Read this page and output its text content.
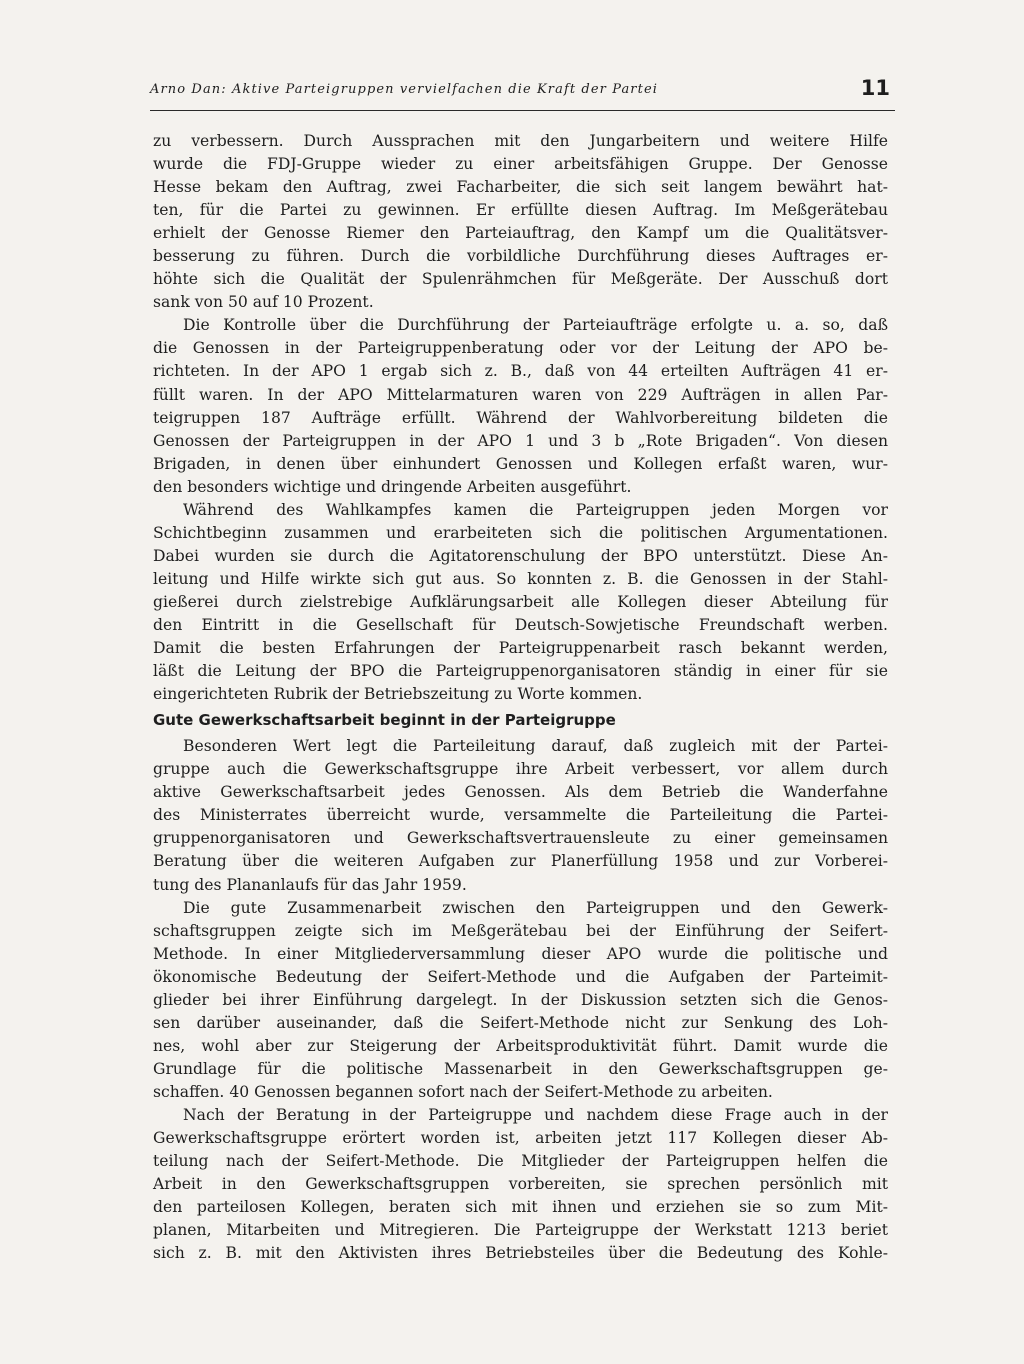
Arno Dan: Aktive Parteigruppen vervielfachen die Kraft der Partei	11
zu verbessern. Durch Aussprachen mit den Jungarbeitern und weitere Hilfe
wurde die FDJ-Gruppe wieder zu einer arbeitsfähigen Gruppe. Der Genosse
Hesse bekam den Auftrag, zwei Facharbeiter, die sich seit langem bewährt hat-
ten, für die Partei zu gewinnen. Er erfüllte diesen Auftrag. Im Meßgerätebau
erhielt der Genosse Riemer den Parteiauftrag, den Kampf um die Qualitätsver-
besserung zu führen. Durch die vorbildliche Durchführung dieses Auftrages er-
höhte sich die Qualität der Spulenrähmchen für Meßgeräte. Der Ausschuß dort
sank von 50 auf 10 Prozent.
Die Kontrolle über die Durchführung der Parteiaufträge erfolgte u. a. so, daß
die Genossen in der Parteigruppenberatung oder vor der Leitung der APO be-
richteten. In der APO 1 ergab sich z. B., daß von 44 erteilten Aufträgen 41 er-
füllt waren. In der APO Mittelarmaturen waren von 229 Aufträgen in allen Par-
teigruppen 187 Aufträge erfüllt. Während der Wahlvorbereitung bildeten die
Genossen der Parteigruppen in der APO 1 und 3 b „Rote Brigaden“. Von diesen
Brigaden, in denen über einhundert Genossen und Kollegen erfaßt waren, wur-
den besonders wichtige und dringende Arbeiten ausgeführt.
Während des Wahlkampfes kamen die Parteigruppen jeden Morgen vor
Schichtbeginn zusammen und erarbeiteten sich die politischen Argumentationen.
Dabei wurden sie durch die Agitatorenschulung der BPO unterstützt. Diese An-
leitung und Hilfe wirkte sich gut aus. So konnten z. B. die Genossen in der Stahl-
gießerei durch zielstrebige Aufklärungsarbeit alle Kollegen dieser Abteilung für
den Eintritt in die Gesellschaft für Deutsch-Sowjetische Freundschaft werben.
Damit die besten Erfahrungen der Parteigruppenarbeit rasch bekannt werden,
läßt die Leitung der BPO die Parteigruppenorganisatoren ständig in einer für sie
eingerichteten Rubrik der Betriebszeitung zu Worte kommen.
Gute Gewerkschaftsarbeit beginnt in der Parteigruppe
Besonderen Wert legt die Parteileitung darauf, daß zugleich mit der Partei-
gruppe auch die Gewerkschaftsgruppe ihre Arbeit verbessert, vor allem durch
aktive Gewerkschaftsarbeit jedes Genossen. Als dem Betrieb die Wanderfahne
des Ministerrates überreicht wurde, versammelte die Parteileitung die Partei-
gruppenorganisatoren und Gewerkschaftsvertrauensleute zu einer gemeinsamen
Beratung über die weiteren Aufgaben zur Planerfüllung 1958 und zur Vorberei-
tung des Plananlaufs für das Jahr 1959.
Die gute Zusammenarbeit zwischen den Parteigruppen und den Gewerk-
schaftsgruppen zeigte sich im Meßgerätebau bei der Einführung der Seifert-
Methode. In einer Mitgliederversammlung dieser APO wurde die politische und
ökonomische Bedeutung der Seifert-Methode und die Aufgaben der Parteimit-
glieder bei ihrer Einführung dargelegt. In der Diskussion setzten sich die Genos-
sen darüber auseinander, daß die Seifert-Methode nicht zur Senkung des Loh-
nes, wohl aber zur Steigerung der Arbeitsproduktivität führt. Damit wurde die
Grundlage für die politische Massenarbeit in den Gewerkschaftsgruppen ge-
schaffen. 40 Genossen begannen sofort nach der Seifert-Methode zu arbeiten.
Nach der Beratung in der Parteigruppe und nachdem diese Frage auch in der
Gewerkschaftsgruppe erörtert worden ist, arbeiten jetzt 117 Kollegen dieser Ab-
teilung nach der Seifert-Methode. Die Mitglieder der Parteigruppen helfen die
Arbeit in den Gewerkschaftsgruppen vorbereiten, sie sprechen persönlich mit
den parteilosen Kollegen, beraten sich mit ihnen und erziehen sie so zum Mit-
planen, Mitarbeiten und Mitregieren. Die Parteigruppe der Werkstatt 1213 beriet
sich z. B. mit den Aktivisten ihres Betriebsteiles über die Bedeutung des Kohle-
